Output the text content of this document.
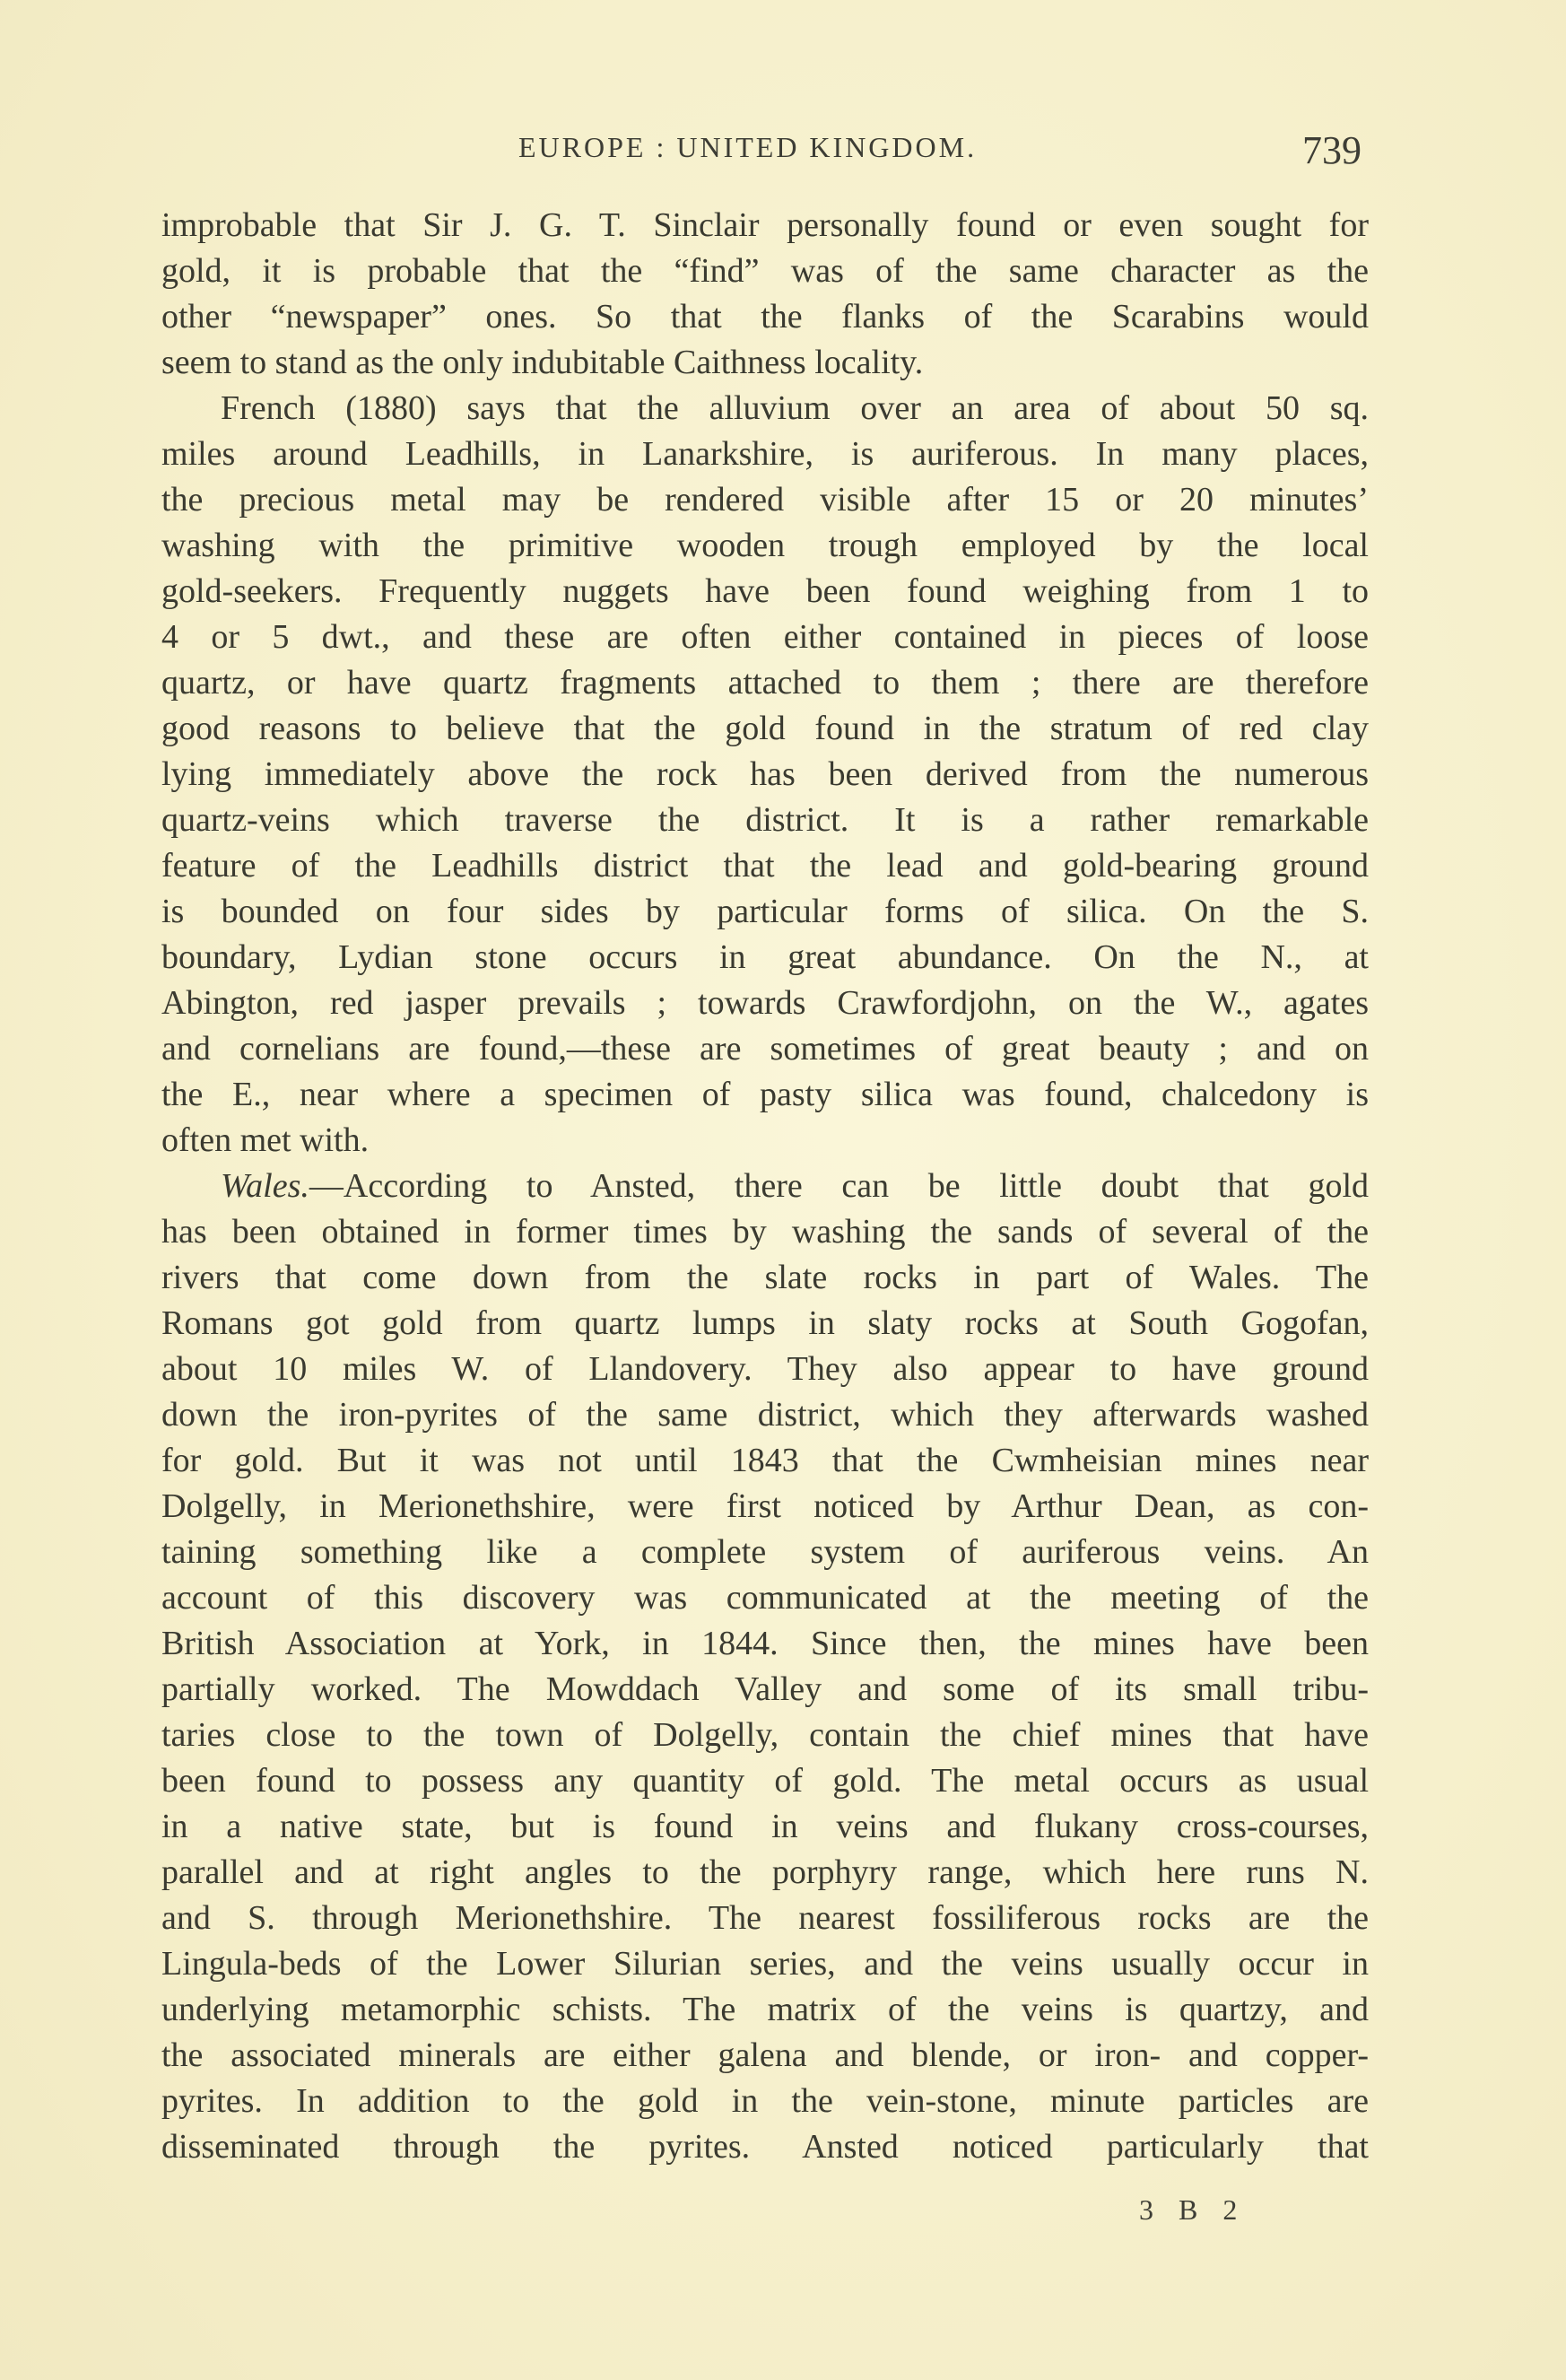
EUROPE : UNITED KINGDOM.	739
improbable that Sir J. G. T. Sinclair personally found or even sought for
gold, it is probable that the “find” was of the same character as the
other “newspaper” ones. So that the flanks of the Scarabins would
seem to stand as the only indubitable Caithness locality.
French (1880) says that the alluvium over an area of about 50 sq.
miles around Leadhills, in Lanarkshire, is auriferous. In many places,
the precious metal may be rendered visible after 15 or 20 minutes’
washing with the primitive wooden trough employed by the local
gold-seekers. Frequently nuggets have been found weighing from 1 to
4 or 5 dwt., and these are often either contained in pieces of loose
quartz, or have quartz fragments attached to them ; there are therefore
good reasons to believe that the gold found in the stratum of red clay
lying immediately above the rock has been derived from the numerous
quartz-veins which traverse the district. It is a rather remarkable
feature of the Leadhills district that the lead and gold-bearing ground
is bounded on four sides by particular forms of silica. On the S.
boundary, Lydian stone occurs in great abundance. On the N., at
Abington, red jasper prevails ; towards Crawfordjohn, on the W., agates
and cornelians are found,—these are sometimes of great beauty ; and on
the E., near where a specimen of pasty silica was found, chalcedony is
often met with.
Wales.—According to Ansted, there can be little doubt that gold
has been obtained in former times by washing the sands of several of the
rivers that come down from the slate rocks in part of Wales. The
Romans got gold from quartz lumps in slaty rocks at South Gogofan,
about 10 miles W. of Llandovery. They also appear to have ground
down the iron-pyrites of the same district, which they afterwards washed
for gold. But it was not until 1843 that the Cwmheisian mines near
Dolgelly, in Merionethshire, were first noticed by Arthur Dean, as con-
taining something like a complete system of auriferous veins. An
account of this discovery was communicated at the meeting of the
British Association at York, in 1844. Since then, the mines have been
partially worked. The Mowddach Valley and some of its small tribu-
taries close to the town of Dolgelly, contain the chief mines that have
been found to possess any quantity of gold. The metal occurs as usual
in a native state, but is found in veins and flukany cross-courses,
parallel and at right angles to the porphyry range, which here runs N.
and S. through Merionethshire. The nearest fossiliferous rocks are the
Lingula-beds of the Lower Silurian series, and the veins usually occur in
underlying metamorphic schists. The matrix of the veins is quartzy, and
the associated minerals are either galena and blende, or iron- and copper-
pyrites. In addition to the gold in the vein-stone, minute particles are
disseminated through the pyrites. Ansted noticed particularly that
3 B 2
